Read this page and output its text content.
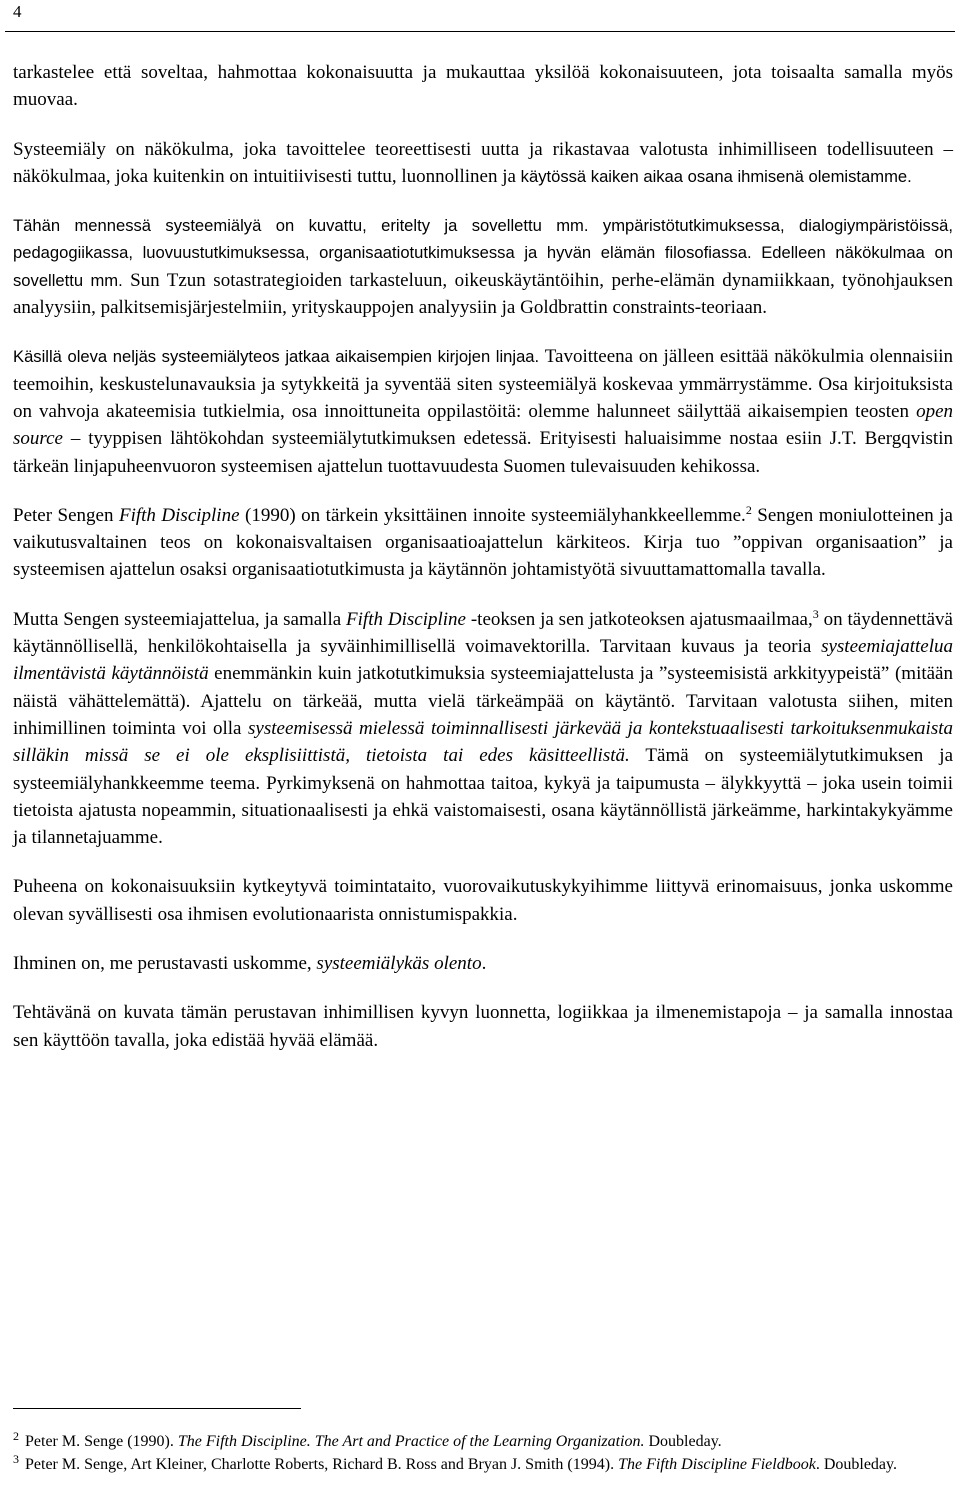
4

tarkastelee että soveltaa, hahmottaa kokonaisuutta ja mukauttaa yksilöä kokonaisuuteen, jota toisaalta samalla myös muovaa.

Systeemiäly on näkökulma, joka tavoittelee teoreettisesti uutta ja rikastavaa valotusta inhimilliseen todellisuuteen – näkökulmaa, joka kuitenkin on intuitiivisesti tuttu, luonnollinen ja käytössä kaiken aikaa osana ihmisenä olemistamme.

Tähän mennessä systeemiälyä on kuvattu, eritelty ja sovellettu mm. ympäristötutkimuksessa, dialogiympäristöissä, pedagogiikassa, luovuustutkimuksessa, organisaatiotutkimuksessa ja hyvän elämän filosofiassa. Edelleen näkökulmaa on sovellettu mm. Sun Tzun sotastrategioiden tarkasteluun, oikeuskäytäntöihin, perhe-elämän dynamiikkaan, työnohjauksen analyysiin, palkitsemisjärjestelmiin, yrityskauppojen analyysiin ja Goldbrattin constraints-teoriaan.

Käsillä oleva neljäs systeemiälyteos jatkaa aikaisempien kirjojen linjaa. Tavoitteena on jälleen esittää näkökulmia olennaisiin teemoihin, keskustelunavauksia ja sytykkeitä ja syventää siten systeemiälyä koskevaa ymmärrystämme. Osa kirjoituksista on vahvoja akateemisia tutkielmia, osa innoittuneita oppilastöitä: olemme halunneet säilyttää aikaisempien teosten open source – tyyppisen lähtökohdan systeemiälytutkimuksen edetessä. Erityisesti haluaisimme nostaa esiin J.T. Bergqvistin tärkeän linjapuheenvuoron systeemisen ajattelun tuottavuudesta Suomen tulevaisuuden kehikossa.

Peter Sengen Fifth Discipline (1990) on tärkein yksittäinen innoite systeemiälyhankkeellemme.$^2$ Sengen moniulotteinen ja vaikutusvaltainen teos on kokonaisvaltaisen organisaatioajattelun kärkiteos. Kirja tuo ”oppivan organisaation” ja systeemisen ajattelun osaksi organisaatiotutkimusta ja käytännön johtamistyötä sivuuttamattomalla tavalla.

Mutta Sengen systeemiajattelua, ja samalla Fifth Discipline -teoksen ja sen jatkoteoksen ajatusmaailmaa,$^3$ on täydennettävä käytännöllisellä, henkilökohtaisella ja syväinhimillisellä voimavektorilla. Tarvitaan kuvaus ja teoria systeemiajattelua ilmentävistä käytännöistä enemmänkin kuin jatkotutkimuksia systeemiajattelusta ja ”systeemisistä arkkityypeistä” (mitään näistä vähättelemättä). Ajattelu on tärkeää, mutta vielä tärkeämpää on käytäntö. Tarvitaan valotusta siihen, miten inhimillinen toiminta voi olla systeemisessä mielessä toiminnallisesti järkevää ja kontekstuaalisesti tarkoituksenmukaista silläkin missä se ei ole eksplisiittistä, tietoista tai edes käsitteellistä. Tämä on systeemiälytutkimuksen ja systeemiälyhankkeemme teema. Pyrkimyksenä on hahmottaa taitoa, kykyä ja taipumusta – älykkyyttä – joka usein toimii tietoista ajatusta nopeammin, situationaalisesti ja ehkä vaistomaisesti, osana käytännöllistä järkeämme, harkintakykyämme ja tilannetajuamme.

Puheena on kokonaisuuksiin kytkeytyvä toimintataito, vuorovaikutuskykyihimme liittyvä erinomaisuus, jonka uskomme olevan syvällisesti osa ihmisen evolutionaarista onnistumispakkia.

Ihminen on, me perustavasti uskomme, systeemiälykäs olento.

Tehtävänä on kuvata tämän perustavan inhimillisen kyvyn luonnetta, logiikkaa ja ilmenemistapoja – ja samalla innostaa sen käyttöön tavalla, joka edistää hyvää elämää.

$^2$ Peter M. Senge (1990). The Fifth Discipline. The Art and Practice of the Learning Organization. Doubleday.

$^3$ Peter M. Senge, Art Kleiner, Charlotte Roberts, Richard B. Ross and Bryan J. Smith (1994). The Fifth Discipline Fieldbook. Doubleday.
